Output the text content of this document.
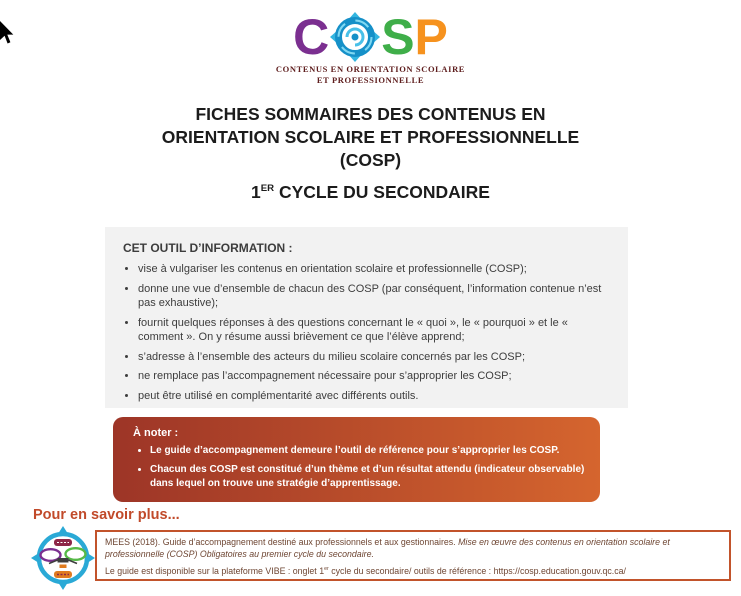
C S P
CONTENUS EN ORIENTATION SCOLAIRE
ET PROFESSIONNELLE
FICHES SOMMAIRES DES CONTENUS EN
ORIENTATION SCOLAIRE ET PROFESSIONNELLE
(COSP)
1ER CYCLE DU SECONDAIRE
CET OUTIL D’INFORMATION :
• vise à vulgariser les contenus en orientation scolaire et professionnelle (COSP);
• donne une vue d’ensemble de chacun des COSP (par conséquent, l’information contenue n’est pas exhaustive);
• fournit quelques réponses à des questions concernant le « quoi », le « pourquoi » et le « comment ». On y résume aussi brièvement ce que l’élève apprend;
• s’adresse à l’ensemble des acteurs du milieu scolaire concernés par les COSP;
• ne remplace pas l’accompagnement nécessaire pour s’approprier les COSP;
• peut être utilisé en complémentarité avec différents outils.
À noter :
• Le guide d’accompagnement demeure l’outil de référence pour s’approprier les COSP.
• Chacun des COSP est constitué d’un thème et d’un résultat attendu (indicateur observable) dans lequel on trouve une stratégie d’apprentissage.
Pour en savoir plus...

MEES (2018). Guide d’accompagnement destiné aux professionnels et aux gestionnaires. Mise en œuvre des contenus en orientation scolaire et professionnelle (COSP) Obligatoires au premier cycle du secondaire.

Le guide est disponible sur la plateforme VIBE : onglet 1er cycle du secondaire/ outils de référence : https://cosp.education.gouv.qc.ca/
